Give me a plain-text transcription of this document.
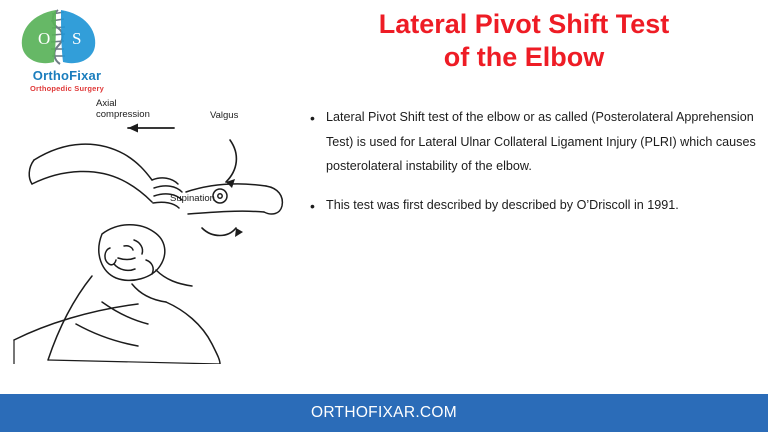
O S
OrthoFixar
Orthopedic Surgery
Lateral Pivot Shift Test
of the Elbow
Axial
compression	Valgus
Supination
• Lateral Pivot Shift test of the elbow or as called (Posterolateral Apprehension Test) is used for Lateral Ulnar Collateral Ligament Injury (PLRI) which causes posterolateral instability of the elbow.
• This test was first described by described by O’Driscoll in 1991.
ORTHOFIXAR.COM
